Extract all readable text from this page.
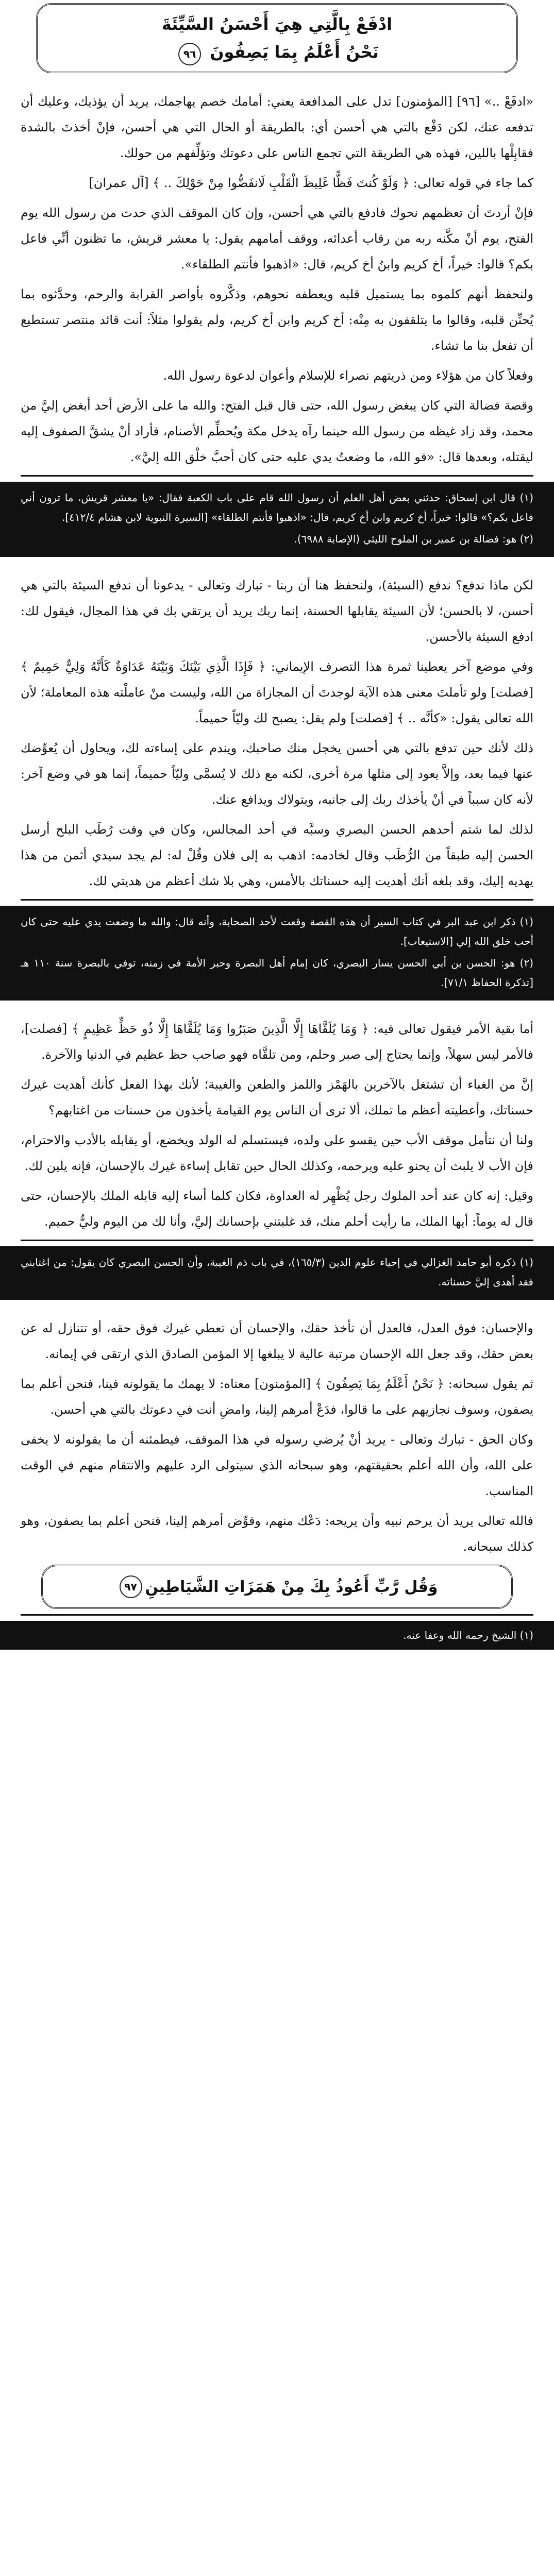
ادْفَعْ بِالَّتِي هِيَ أَحْسَنُ السَّيِّئَةَ
نَحْنُ أَعْلَمُ بِمَا يَصِفُونَ ٩٦

«ادفَعْ ..» [٩٦] [المؤمنون] تدل على المدافعة يعني: أمامك خصم يهاجمك، يريد أن يؤذيك، وعليك أن تدفعه عنك، لكن دَفْع بالتي هي أحسن أي: بالطريقة أو الحال التي هي أحسن، فإنْ أخذتَ بالشدة فقابِلْها باللين، فهذه هي الطريقة التي تجمع الناس على دعوتك وتؤلِّفهم من حولك.

كما جاء في قوله تعالى: ﴿ وَلَوْ كُنتَ فَظًّا غَلِيظَ الْقَلْبِ لَانفَضُّوا مِنْ حَوْلِكَ .. ﴾ [آل عمران]

فإنْ أردتَ أن تعظمهم نحوك فادفع بالتي هي أحسن، وإن كان الموقف الذي حدث من رسول الله يوم الفتح، يوم أنْ مكَّنه ربه من رقاب أعدائه، ووقف أمامهم يقول: يا معشر قريش، ما تظنون أنِّي فاعل بكم؟ قالوا: خيراً، أخ كريم وابنُ أخ كريم، قال: «اذهبوا فأنتم الطلقاء».

ولنحفظ أنهم كلموه بما يستميل قلبه ويعطفه نحوهم، وذكَّروه بأواصر القرابة والرحم، وحدَّثوه بما يُحنِّن قلبه، وقالوا ما يتلقفون به مِنْه: أخ كريم وابن أخ كريم، ولم يقولوا مثلاً: أنت قائد منتصر تستطيع أن تفعل بنا ما تشاء.

وفعلاً كان من هؤلاء ومن ذريتهم نصراء للإسلام وأعوان لدعوة رسول الله.

وقصة فضالة التي كان يبغض رسول الله، حتى قال قبل الفتح: والله ما على الأرض أحد أبغض إليَّ من محمد، وقد زاد غيظه من رسول الله حينما رآه يدخل مكة ويُحطِّم الأصنام، فأراد أنْ يشقَّ الصفوف إليه ليقتله، وبعدها قال: «فو الله، ما وضعتُ يدي عليه حتى كان أحبَّ خلْق الله إليَّ».

(١) قال ابن إسحاق: حدثني بعض أهل العلم أن رسول الله قام على باب الكعبة فقال: «يا معشر قريش، ما ترون أني فاعل بكم؟» قالوا: خيراً، أخ كريم وابن أخ كريم، قال: «اذهبوا فأنتم الطلقاء» [السيرة النبوية لابن هشام ٤١٢/٤].

(٢) هو: فضالة بن عمير بن الملوح الليثي (الإصابة ٦٩٨٨).

لكن ماذا ندفع؟ ندفع (السيئة)، ولنحفظ هنا أن ربنا - تبارك وتعالى - يدعونا أن ندفع السيئة بالتي هي أحسن، لا بالحسن؛ لأن السيئة يقابلها الحسنة، إنما ربك يريد أن يرتقي بك في هذا المجال، فيقول لك: ادفع السيئة بالأحسن.

وفي موضع آخر يعطينا ثمرة هذا التصرف الإيماني: ﴿ فَإِذَا الَّذِي بَيْنَكَ وَبَيْنَهُ عَدَاوَةٌ كَأَنَّهُ وَلِيٌّ حَمِيمٌ ﴾ [فصلت] ولو تأملتَ معنى هذه الآية لوجدتَ أن المجازاة من الله، وليست منْ عاملْته هذه المعاملة؛ لأن الله تعالى يقول: «كأنَّه .. ﴾ [فصلت] ولم يقل: يصبح لك وليّاً حميماً.

ذلك لأنك حين تدفع بالتي هي أحسن يخجل منك صاحبك، ويندم على إساءته لك، ويحاول أن يُعوِّضك عنها فيما بعد، وإلاَّ يعود إلى مثلها مرة أخرى، لكنه مع ذلك لا يُسمَّى وليّاً حميماً، إنما هو في وضع آخر: لأنه كان سبباً في أنْ يأخذك ربك إلى جانبه، ويتولاك ويدافع عنك.

لذلك لما شتم أحدهم الحسن البصري وسبَّه في أحد المجالس، وكان في وقت رُطَب البلح أرسل الحسن إليه طبقاً من الرُّطَب وقال لخادمه: اذهب به إلى فلان وقُلْ له: لم يجد سيدي أثمن من هذا يهديه إليك، وقد بلغه أنك أهديت إليه حسناتك بالأمس، وهي بلا شك أعظم من هديتي لك.

(١) ذكر ابن عبد البر في كتاب السير أن هذه القصة وقعت لأحد الصحابة، وأنه قال: والله ما وضعت يدي عليه حتى كان أحب خلق الله إلي [الاستيعاب].

(٢) هو: الحسن بن أبي الحسن يسار البصري، كان إمام أهل البصرة وحبر الأمة في زمنه، توفي بالبصرة سنة ١١٠ هـ [تذكرة الحفاظ ٧١/١].

أما بقية الأمر فيقول تعالى فيه: ﴿ وَمَا يُلَقَّاهَا إِلَّا الَّذِينَ صَبَرُوا وَمَا يُلَقَّاهَا إِلَّا ذُو حَظٍّ عَظِيمٍ ﴾ [فصلت]، فالأمر ليس سهلاً، وإنما يحتاج إلى صبر وحلم، ومن تلقَّاه فهو صاحب حظ عظيم في الدنيا والآخرة.

إنَّ من الغباء أن تشتغل بالآخرين بالهَمْز واللمز والطعن والغيبة؛ لأنك بهذا الفعل كأنك أهديت غيرك حسناتك، وأعطيته أعظم ما تملك، ألا ترى أن الناس يوم القيامة يأخذون من حسنات من اغتابهم؟

ولنا أن نتأمل موقف الأب حين يقسو على ولده، فيستسلم له الولد ويخضع، أو يقابله بالأدب والاحترام، فإن الأب لا يلبث أن يحنو عليه ويرحمه، وكذلك الحال حين تقابل إساءة غيرك بالإحسان، فإنه يلين لك.

وقيل: إنه كان عند أحد الملوك رجل يُظْهِر له العداوة، فكان كلما أساء إليه قابله الملك بالإحسان، حتى قال له يوماً: أيها الملك، ما رأيت أحلم منك، قد غلبتني بإحسانك إليَّ، وأنا لك من اليوم وليٌّ حميم.

(١) ذكره أبو حامد الغزالي في إحياء علوم الدين (١٦٥/٣)، في باب ذم الغيبة، وأن الحسن البصري كان يقول: من اغتابني فقد أهدى إليَّ حسناته.

والإحسان: فوق العدل، فالعدل أن تأخذ حقك، والإحسان أن تعطي غيرك فوق حقه، أو تتنازل له عن بعض حقك، وقد جعل الله الإحسان مرتبة عالية لا يبلغها إلا المؤمن الصادق الذي ارتقى في إيمانه.

ثم يقول سبحانه: ﴿ نَحْنُ أَعْلَمُ بِمَا يَصِفُونَ ﴾ [المؤمنون] معناه: لا يهمك ما يقولونه فينا، فنحن أعلم بما يصفون، وسوف نجازيهم على ما قالوا، فدَعْ أمرهم إلينا، وامضِ أنت في دعوتك بالتي هي أحسن.

وكان الحق - تبارك وتعالى - يريد أنْ يُرضي رسوله في هذا الموقف، فيطمئنه أن ما يقولونه لا يخفى على الله، وأن الله أعلم بحقيقتهم، وهو سبحانه الذي سيتولى الرد عليهم والانتقام منهم في الوقت المناسب.

فالله تعالى يريد أن يرحم نبيه وأن يريحه: دَعْك منهم، وفوِّض أمرهم إلينا، فنحن أعلم بما يصفون، وهو كذلك سبحانه.

وَقُل رَّبِّ أَعُوذُ بِكَ مِنْ هَمَزَاتِ الشَّيَاطِينِ
٩٧
(١) الشيخ رحمه الله وعفا عنه.
